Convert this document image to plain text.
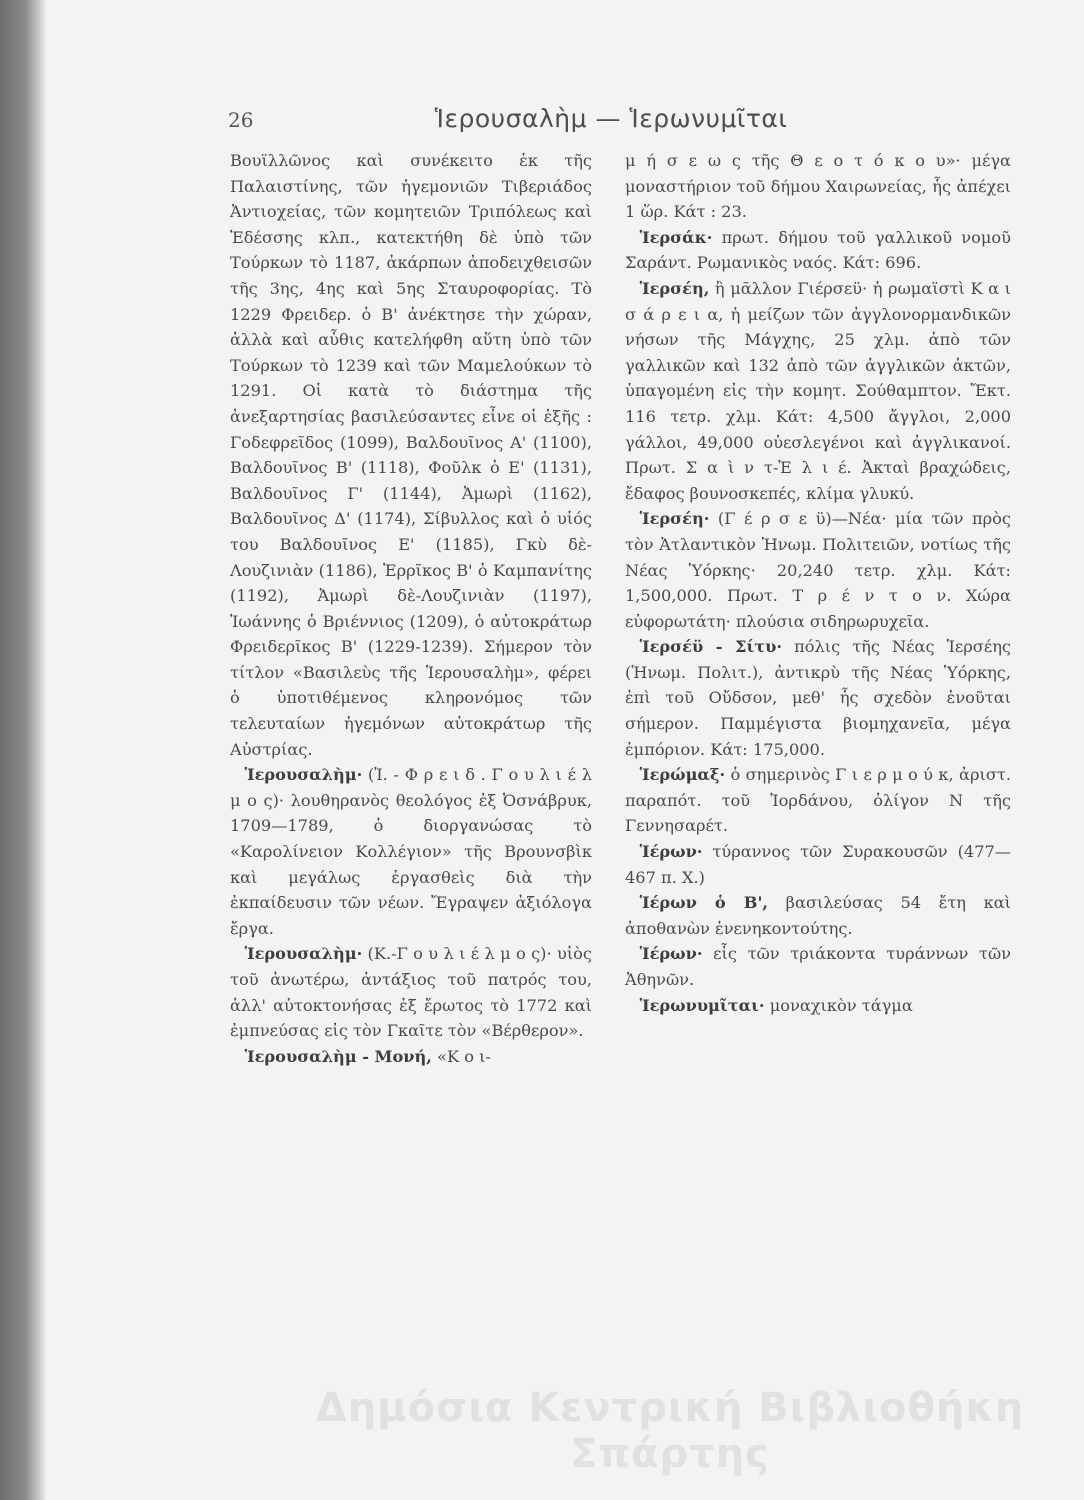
26	Ἱερουσαλὴμ — Ἱερωνυμῖται

Βουϊλλῶνος καὶ συνέκειτο ἐκ τῆς Παλαιστίνης, τῶν ἡγεμονιῶν Τιβεριάδος Ἀντιοχείας, τῶν κομητειῶν Τριπόλεως καὶ Ἐδέσσης κλπ., κατεκτήθη δὲ ὑπὸ τῶν Τούρκων τὸ 1187, ἀκάρπων ἀποδειχθεισῶν τῆς 3ης, 4ης καὶ 5ης Σταυροφορίας. Τὸ 1229 Φρειδερ. ὁ Β' ἀνέκτησε τὴν χώραν, ἀλλὰ καὶ αὖθις κατελήφθη αὕτη ὑπὸ τῶν Τούρκων τὸ 1239 καὶ τῶν Μαμελούκων τὸ 1291. Οἱ κατὰ τὸ διάστημα τῆς ἀνεξαρτησίας βασιλεύσαντες εἶνε οἱ ἑξῆς : Γοδεφρεῖδος (1099), Βαλδουῖνος Α' (1100), Βαλδουῖνος Β' (1118), Φοῦλκ ὁ Ε' (1131), Βαλδουῖνος Γ' (1144), Ἀμωρὶ (1162), Βαλδουῖνος Δ' (1174), Σίβυλλος καὶ ὁ υἱός του Βαλδουῖνος Ε' (1185), Γκὺ δὲ-Λουζινιὰν (1186), Ἑρρῖκος Β' ὁ Καμπανίτης (1192), Ἀμωρὶ δὲ-Λουζινιὰν (1197), Ἰωάννης ὁ Βριέννιος (1209), ὁ αὐτοκράτωρ Φρειδερῖκος Β' (1229-1239). Σήμερον τὸν τίτλον «Βασιλεὺς τῆς Ἱερουσαλὴμ», φέρει ὁ ὑποτιθέμενος κληρονόμος τῶν τελευταίων ἡγεμόνων αὐτοκράτωρ τῆς Αὐστρίας.

Ἱερουσαλὴμ· (Ἰ. - Φ ρ ε ι δ . Γ ο υ λ ι έ λ μ ο ς)· λουθηρανὸς θεολόγος ἐξ Ὀσνάβρυκ, 1709—1789, ὁ διοργανώσας τὸ «Καρολίνειον Κολλέγιον» τῆς Βρουνσβὶκ καὶ μεγάλως ἐργασθεὶς διὰ τὴν ἐκπαίδευσιν τῶν νέων. Ἔγραψεν ἀξιόλογα ἔργα.

Ἱερουσαλὴμ· (Κ.-Γ ο υ λ ι έ λ μ ο ς)· υἱὸς τοῦ ἀνωτέρω, ἀντάξιος τοῦ πατρός του, ἀλλ' αὐτοκτονήσας ἐξ ἔρωτος τὸ 1772 καὶ ἐμπνεύσας εἰς τὸν Γκαῖτε τὸν «Βέρθερον».

Ἱερουσαλὴμ - Μονή, «Κ ο ι-

μ ή σ ε ω ς τῆς Θ ε ο τ ό κ ο υ»· μέγα μοναστήριον τοῦ δήμου Χαιρωνείας, ἧς ἀπέχει 1 ὥρ. Κάτ : 23.

Ἱερσάκ· πρωτ. δήμου τοῦ γαλλικοῦ νομοῦ Σαράντ. Ρωμανικὸς ναός. Κάτ: 696.

Ἱερσέη, ἢ μᾶλλον Γιέρσεϋ· ἡ ρωμαϊστὶ Κ α ι σ ά ρ ε ι α, ἡ μείζων τῶν ἀγγλονορμανδικῶν νήσων τῆς Μάγχης, 25 χλμ. ἀπὸ τῶν γαλλικῶν καὶ 132 ἀπὸ τῶν ἀγγλικῶν ἀκτῶν, ὑπαγομένη εἰς τὴν κομητ. Σούθαμπτον. Ἔκτ. 116 τετρ. χλμ. Κάτ: 4,500 ἄγγλοι, 2,000 γάλλοι, 49,000 οὐεσλεγένοι καὶ ἀγγλικανοί. Πρωτ. Σ α ὶ ν τ-Ἑ λ ι έ. Ἀκταὶ βραχώδεις, ἔδαφος βουνοσκεπές, κλίμα γλυκύ.

Ἱερσέη· (Γ έ ρ σ ε ϋ)—Νέα· μία τῶν πρὸς τὸν Ἀτλαντικὸν Ἡνωμ. Πολιτειῶν, νοτίως τῆς Νέας Ὑόρκης· 20,240 τετρ. χλμ. Κάτ: 1,500,000. Πρωτ. Τ ρ έ ν τ ο ν. Χώρα εὐφορωτάτη· πλούσια σιδηρωρυχεῖα.

Ἱερσέϋ - Σίτυ· πόλις τῆς Νέας Ἱερσέης (Ἡνωμ. Πολιτ.), ἀντικρὺ τῆς Νέας Ὑόρκης, ἐπὶ τοῦ Οὔδσον, μεθ' ἧς σχεδὸν ἑνοῦται σήμερον. Παμμέγιστα βιομηχανεῖα, μέγα ἐμπόριον. Κάτ: 175,000.

Ἱερώμαξ· ὁ σημερινὸς Γ ι ε ρ μ ο ύ κ, ἀριστ. παραπότ. τοῦ Ἰορδάνου, ὀλίγον Ν τῆς Γεννησαρέτ.

Ἱέρων· τύραννος τῶν Συρακουσῶν (477—467 π. Χ.)

Ἱέρων ὁ Β', βασιλεύσας 54 ἔτη καὶ ἀποθανὼν ἐνενηκοντούτης.

Ἱέρων· εἷς τῶν τριάκοντα τυράννων τῶν Ἀθηνῶν.

Ἱερωνυμῖται· μοναχικὸν τάγμα

Δημόσια Κεντρική Βιβλιοθήκη Σπάρτης
